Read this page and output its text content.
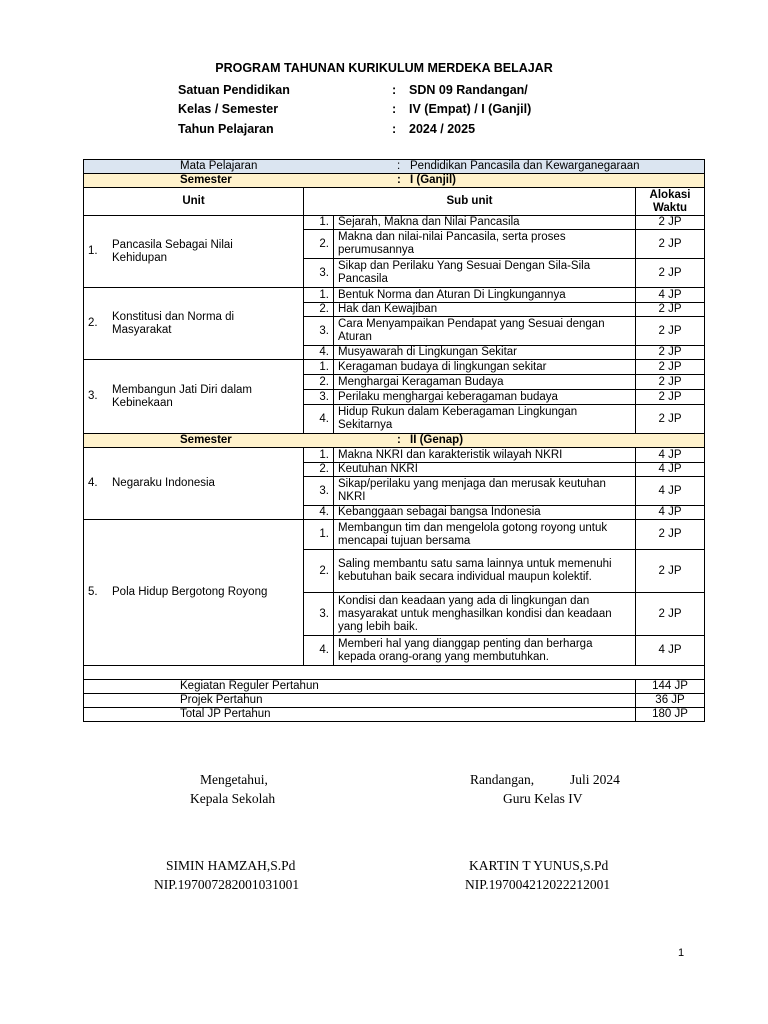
PROGRAM TAHUNAN KURIKULUM MERDEKA BELAJAR
Satuan Pendidikan	: SDN 09 Randangan/
Kelas / Semester	: IV (Empat) / I (Ganjil)
Tahun Pelajaran	: 2024 / 2025
Mata Pelajaran : Pendidikan Pancasila dan Kewarganegaraan			

Semester : I (Ganjil)			

Unit	Sub unit		Alokasi Waktu
1.Pancasila Sebagai Nilai Kehidupan	1.	Sejarah, Makna dan Nilai Pancasila	2 JP
	2.	Makna dan nilai-nilai Pancasila, serta proses perumusannya	2 JP
	3.	Sikap dan Perilaku Yang Sesuai Dengan Sila-Sila Pancasila	2 JP
2.Konstitusi dan Norma di Masyarakat	1.	Bentuk Norma dan Aturan Di Lingkungannya	4 JP
	2.	Hak dan Kewajiban	2 JP
	3.	Cara Menyampaikan Pendapat yang Sesuai dengan Aturan	2 JP
	4.	Musyawarah di Lingkungan Sekitar	2 JP
3.Membangun Jati Diri dalam Kebinekaan	1.	Keragaman budaya di lingkungan sekitar	2 JP
	2.	Menghargai Keragaman Budaya	2 JP
	3.	Perilaku menghargai keberagaman budaya	2 JP
	4.	Hidup Rukun dalam Keberagaman Lingkungan Sekitarnya	2 JP

Semester : II (Genap)			

4. Negaraku Indonesia	1.	Makna NKRI dan karakteristik wilayah NKRI	4 JP
	2.	Keutuhan NKRI	4 JP
	3.	Sikap/perilaku yang menjaga dan merusak keutuhan NKRI	4 JP
	4.	Kebanggaan sebagai bangsa Indonesia	4 JP
5. Pola Hidup Bergotong Royong	1.	Membangun tim dan mengelola gotong royong untuk mencapai tujuan bersama	2 JP
	2.	Saling membantu satu sama lainnya untuk memenuhi kebutuhan baik secara individual maupun kolektif.	2 JP
	3.	Kondisi dan keadaan yang ada di lingkungan dan masyarakat untuk menghasilkan kondisi dan keadaan yang lebih baik.	2 JP
	4.	Memberi hal yang dianggap penting dan berharga kepada orang-orang yang membutuhkan.	4 JP

Kegiatan Reguler Pertahun			144 JP
Projek Pertahun			36 JP
Total JP Pertahun			180 JP
Mengetahui,
Kepala Sekolah
SIMIN HAMZAH,S.Pd
NIP.197007282001031001
Randangan,	Juli 2024
Guru Kelas IV
KARTIN T YUNUS,S.Pd
NIP.197004212022212001
1
